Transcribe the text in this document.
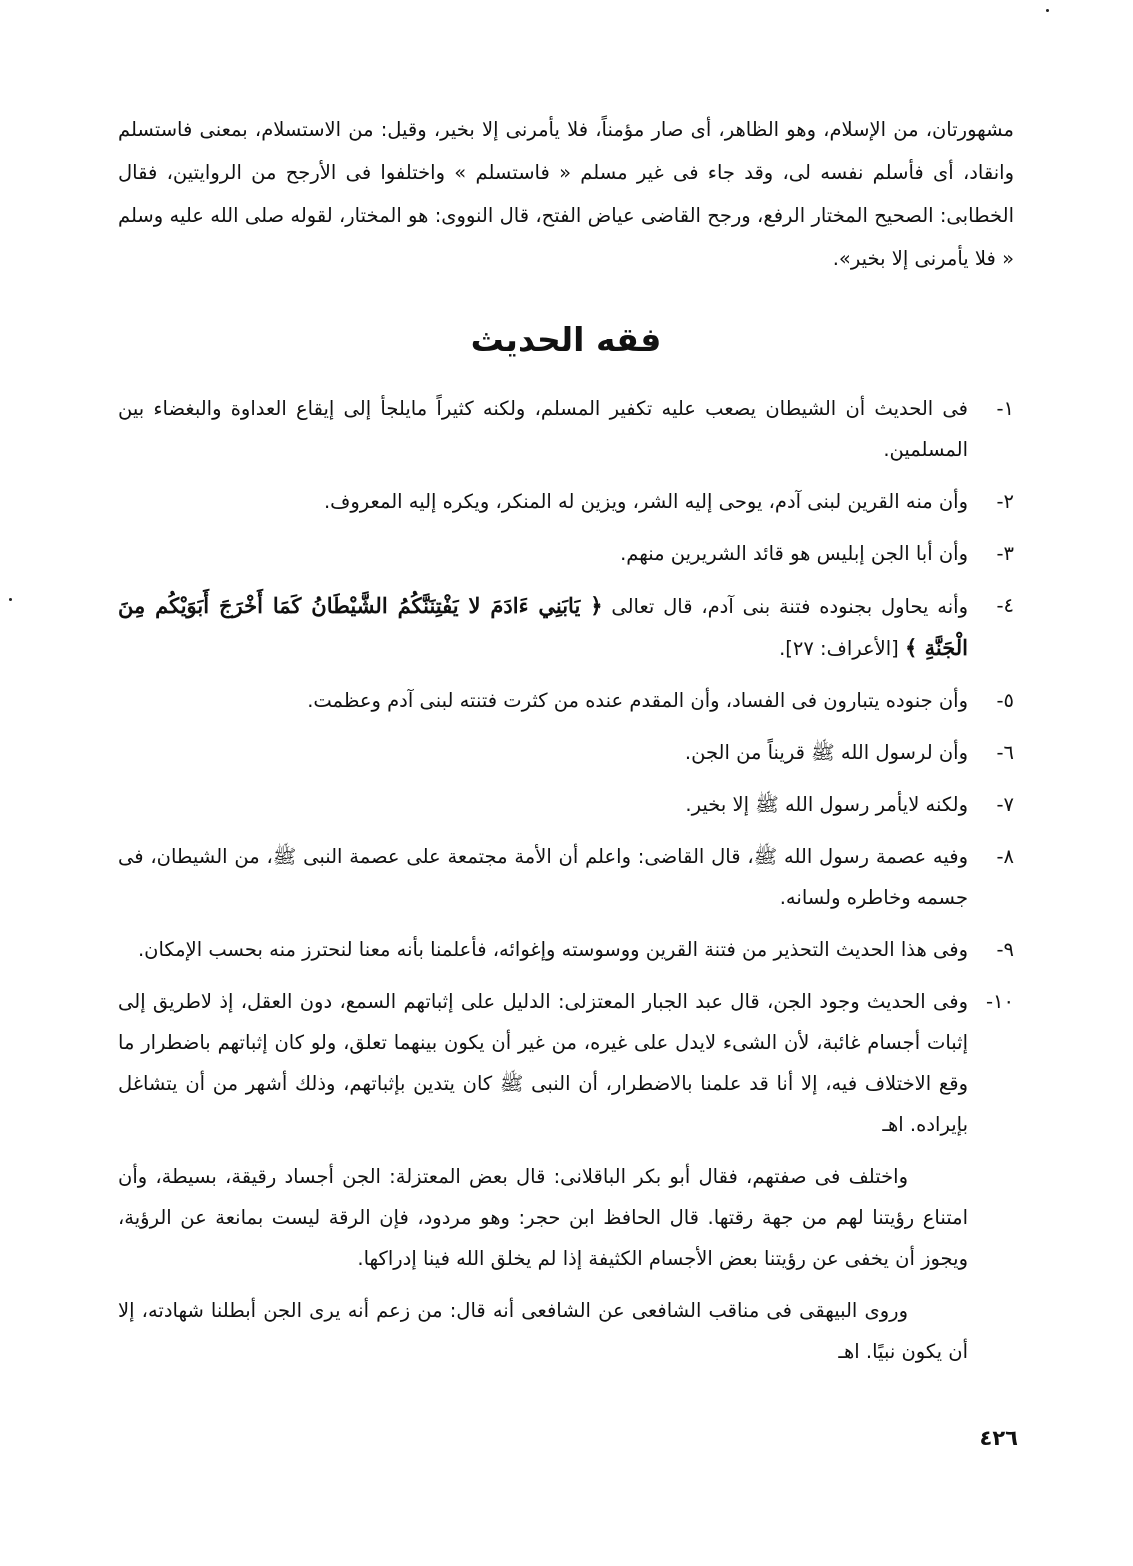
مشهورتان، من الإسلام، وهو الظاهر، أى صار مؤمناً، فلا يأمرنى إلا بخير، وقيل: من الاستسلام، بمعنى فاستسلم وانقاد، أى فأسلم نفسه لى، وقد جاء فى غير مسلم « فاستسلم » واختلفوا فى الأرجح من الروايتين، فقال الخطابى: الصحيح المختار الرفع، ورجح القاضى عياض الفتح، قال النووى: هو المختار، لقوله صلى الله عليه وسلم « فلا يأمرنى إلا بخير».

فقه الحديث
١-
فى الحديث أن الشيطان يصعب عليه تكفير المسلم، ولكنه كثيراً مايلجأ إلى إيقاع العداوة والبغضاء بين المسلمين.
٢-
وأن منه القرين لبنى آدم، يوحى إليه الشر، ويزين له المنكر، ويكره إليه المعروف.
٣-
وأن أبا الجن إبليس هو قائد الشريرين منهم.
٤-
وأنه يحاول بجنوده فتنة بنى آدم، قال تعالى ﴿ يَابَنِي ءَادَمَ لا يَفْتِنَنَّكُمُ الشَّيْطَانُ كَمَا أَخْرَجَ أَبَوَيْكُم مِنَ الْجَنَّةِ ﴾ [الأعراف: ٢٧].
٥-
وأن جنوده يتبارون فى الفساد، وأن المقدم عنده من كثرت فتنته لبنى آدم وعظمت.
٦-
وأن لرسول الله ﷺ قريناً من الجن.
٧-
ولكنه لايأمر رسول الله ﷺ إلا بخير.
٨-
وفيه عصمة رسول الله ﷺ، قال القاضى: واعلم أن الأمة مجتمعة على عصمة النبى ﷺ، من الشيطان، فى جسمه وخاطره ولسانه.
٩-
وفى هذا الحديث التحذير من فتنة القرين ووسوسته وإغوائه، فأعلمنا بأنه معنا لنحترز منه بحسب الإمكان.
١٠-
وفى الحديث وجود الجن، قال عبد الجبار المعتزلى: الدليل على إثباتهم السمع، دون العقل، إذ لاطريق إلى إثبات أجسام غائبة، لأن الشىء لايدل على غيره، من غير أن يكون بينهما تعلق، ولو كان إثباتهم باضطرار ما وقع الاختلاف فيه، إلا أنا قد علمنا بالاضطرار، أن النبى ﷺ كان يتدين بإثباتهم، وذلك أشهر من أن يتشاغل بإيراده. اهـ

واختلف فى صفتهم، فقال أبو بكر الباقلانى: قال بعض المعتزلة: الجن أجساد رقيقة، بسيطة، وأن امتناع رؤيتنا لهم من جهة رقتها. قال الحافظ ابن حجر: وهو مردود، فإن الرقة ليست بمانعة عن الرؤية، ويجوز أن يخفى عن رؤيتنا بعض الأجسام الكثيفة إذا لم يخلق الله فينا إدراكها.

وروى البيهقى فى مناقب الشافعى عن الشافعى أنه قال: من زعم أنه يرى الجن أبطلنا شهادته، إلا أن يكون نبيًا. اهـ

٤٢٦
